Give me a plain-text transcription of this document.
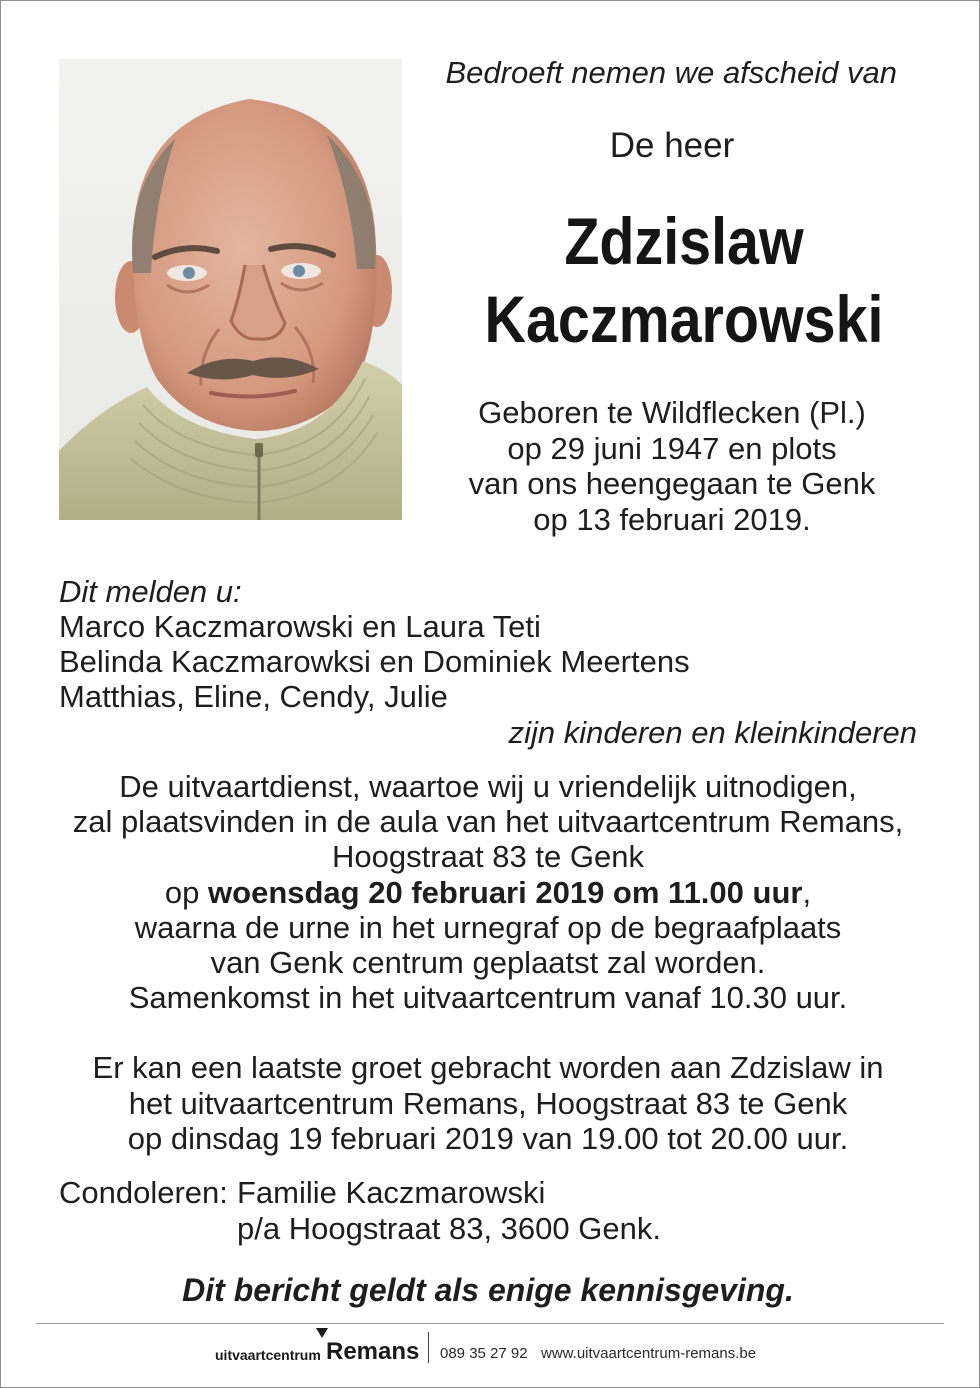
Bedroeft nemen we afscheid van
De heer
Zdzislaw
Kaczmarowski
Geboren te Wildflecken (Pl.)
op 29 juni 1947 en plots
van ons heengegaan te Genk
op 13 februari 2019.
Dit melden u:
Marco Kaczmarowski en Laura Teti
Belinda Kaczmarowksi en Dominiek Meertens
Matthias, Eline, Cendy, Julie
zijn kinderen en kleinkinderen
De uitvaartdienst, waartoe wij u vriendelijk uitnodigen,
zal plaatsvinden in de aula van het uitvaartcentrum Remans,
Hoogstraat 83 te Genk
op woensdag 20 februari 2019 om 11.00 uur,
waarna de urne in het urnegraf op de begraafplaats
van Genk centrum geplaatst zal worden.
Samenkomst in het uitvaartcentrum vanaf 10.30 uur.
Er kan een laatste groet gebracht worden aan Zdzislaw in
het uitvaartcentrum Remans, Hoogstraat 83 te Genk
op dinsdag 19 februari 2019 van 19.00 tot 20.00 uur.
Condoleren: Familie Kaczmarowski
p/a Hoogstraat 83, 3600 Genk.
Dit bericht geldt als enige kennisgeving.
uitvaartcentrum Remans 089 35 27 92 www.uitvaartcentrum-remans.be
